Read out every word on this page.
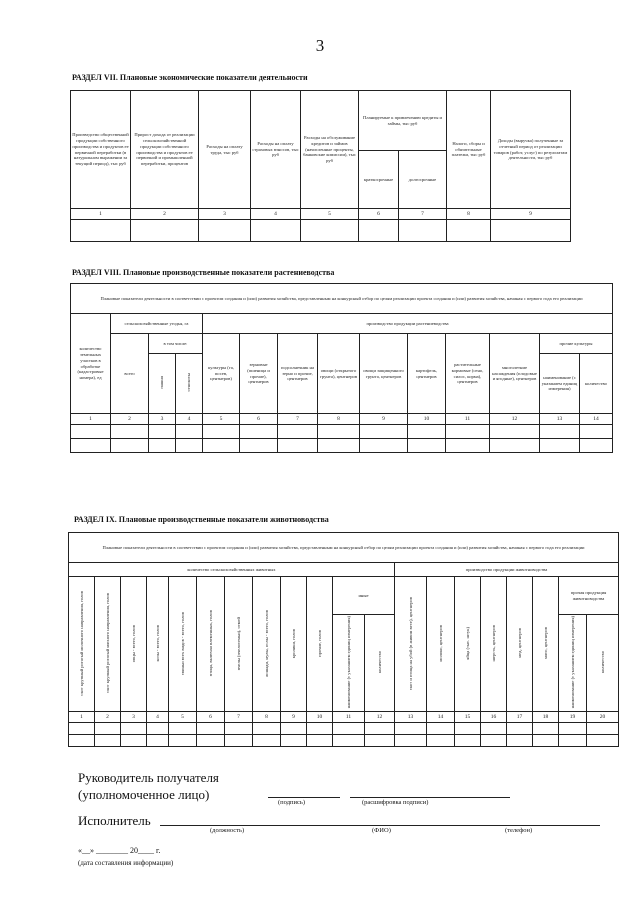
3
РАЗДЕЛ VII. Плановые экономические показатели деятельности
Произведство общественной продукции собственного производства и продуктов ее первичной переработки (в натуральном выражении за текущий период), тыс руб	Прирост дохода от реализации сельскохозяйственной продукции собственного производства и продуктов ее первичной и промышленной переработки, процентов	Расходы на оплату труда, тыс руб	Расходы на оплату страховых взносов, тыс руб	Расходы на обслуживание кредитов и займов (начисленные проценты, банковские комиссии), тыс руб	Планируемые к привлечению кредиты и займы, тыс руб		Налоги, сборы и обязательные платежи, тыс руб	Доходы (выручка) полученные за отчетный период от реализации товаров (работ, услуг) по результатам деятельности, тыс руб
					краткосрочные	долгосрочные		
1	2	3	4	5	6	7	8	9

РАЗДЕЛ VIII. Плановые производственные показатели растениеводства
Плановые показатели деятельности в соответствии с проектом создания и (или) развития хозяйства, представленным на конкурсный отбор по целям реализации проекта создания и (или) развития хозяйства, начиная с первого года его реализации													
количество земельных участков в обработке (кадастровые номера), ед	сельскохозяйственные угодья, га			производство продукции растениеводства									
	всего	в том числе:		культуры (га, посев, центнеров)	зерновые (пшеница и прочие), центнеров	подсолнечник на зерно и прочие, центнеров	овощи (открытого грунта), центнеров	овощи защищенного грунта, центнеров	картофель, центнеров	растительные кормовые (сено, силос, корма), центнеров	многолетние насаждения (плодовые и ягодные), центнеров	прочие культуры	
		пашня	сенокосы									наименование (с указанием единиц измерения)	количество

1	2	3	4	5	6	7	8	9	10	11	12	13	14

РАЗДЕЛ IX. Плановые производственные показатели животноводства
Плановые показатели деятельности в соответствии с проектом создания и (или) развития хозяйства, представленным на конкурсный отбор по целям реализации проекта создания и (или) развития хозяйства, начиная с первого года его реализации																			
количество сельскохозяйственных животных												производство продукции животноводства							
скот крупный рогатый молочного направления, голов	скот крупный рогатый мясного направления, голов	овцы - всего, голов	козы - всего, голов	свиньи всех видов - всего, голов	птица, включая племенных, голов	пчелы (пчелосемьи), семей	лошади, мулы, ослы - всего, голов	кролики, голов	прочие, голов	иные		скот и птица на убой (в живом весе), центнеров	молоко, центнеров	яйца (тыс. штук)	шерсть, центнеров	мед, центнеров	мясо, центнеров	прочая продукция животноводства	
										наименование (с указанием единиц измерения)	количество							наименование (с указанием единиц измерения)	количество
1	2	3	4	5	6	7	8	9	10	11	12	13	14	15	16	17	18	19	20

Руководитель получателя
(уполномоченное лицо)
(подпись)	(расшифровка подписи)
Исполнитель
(должность)	(ФИО)	(телефон)
«__» ________ 20____ г.
(дата составления информации)
